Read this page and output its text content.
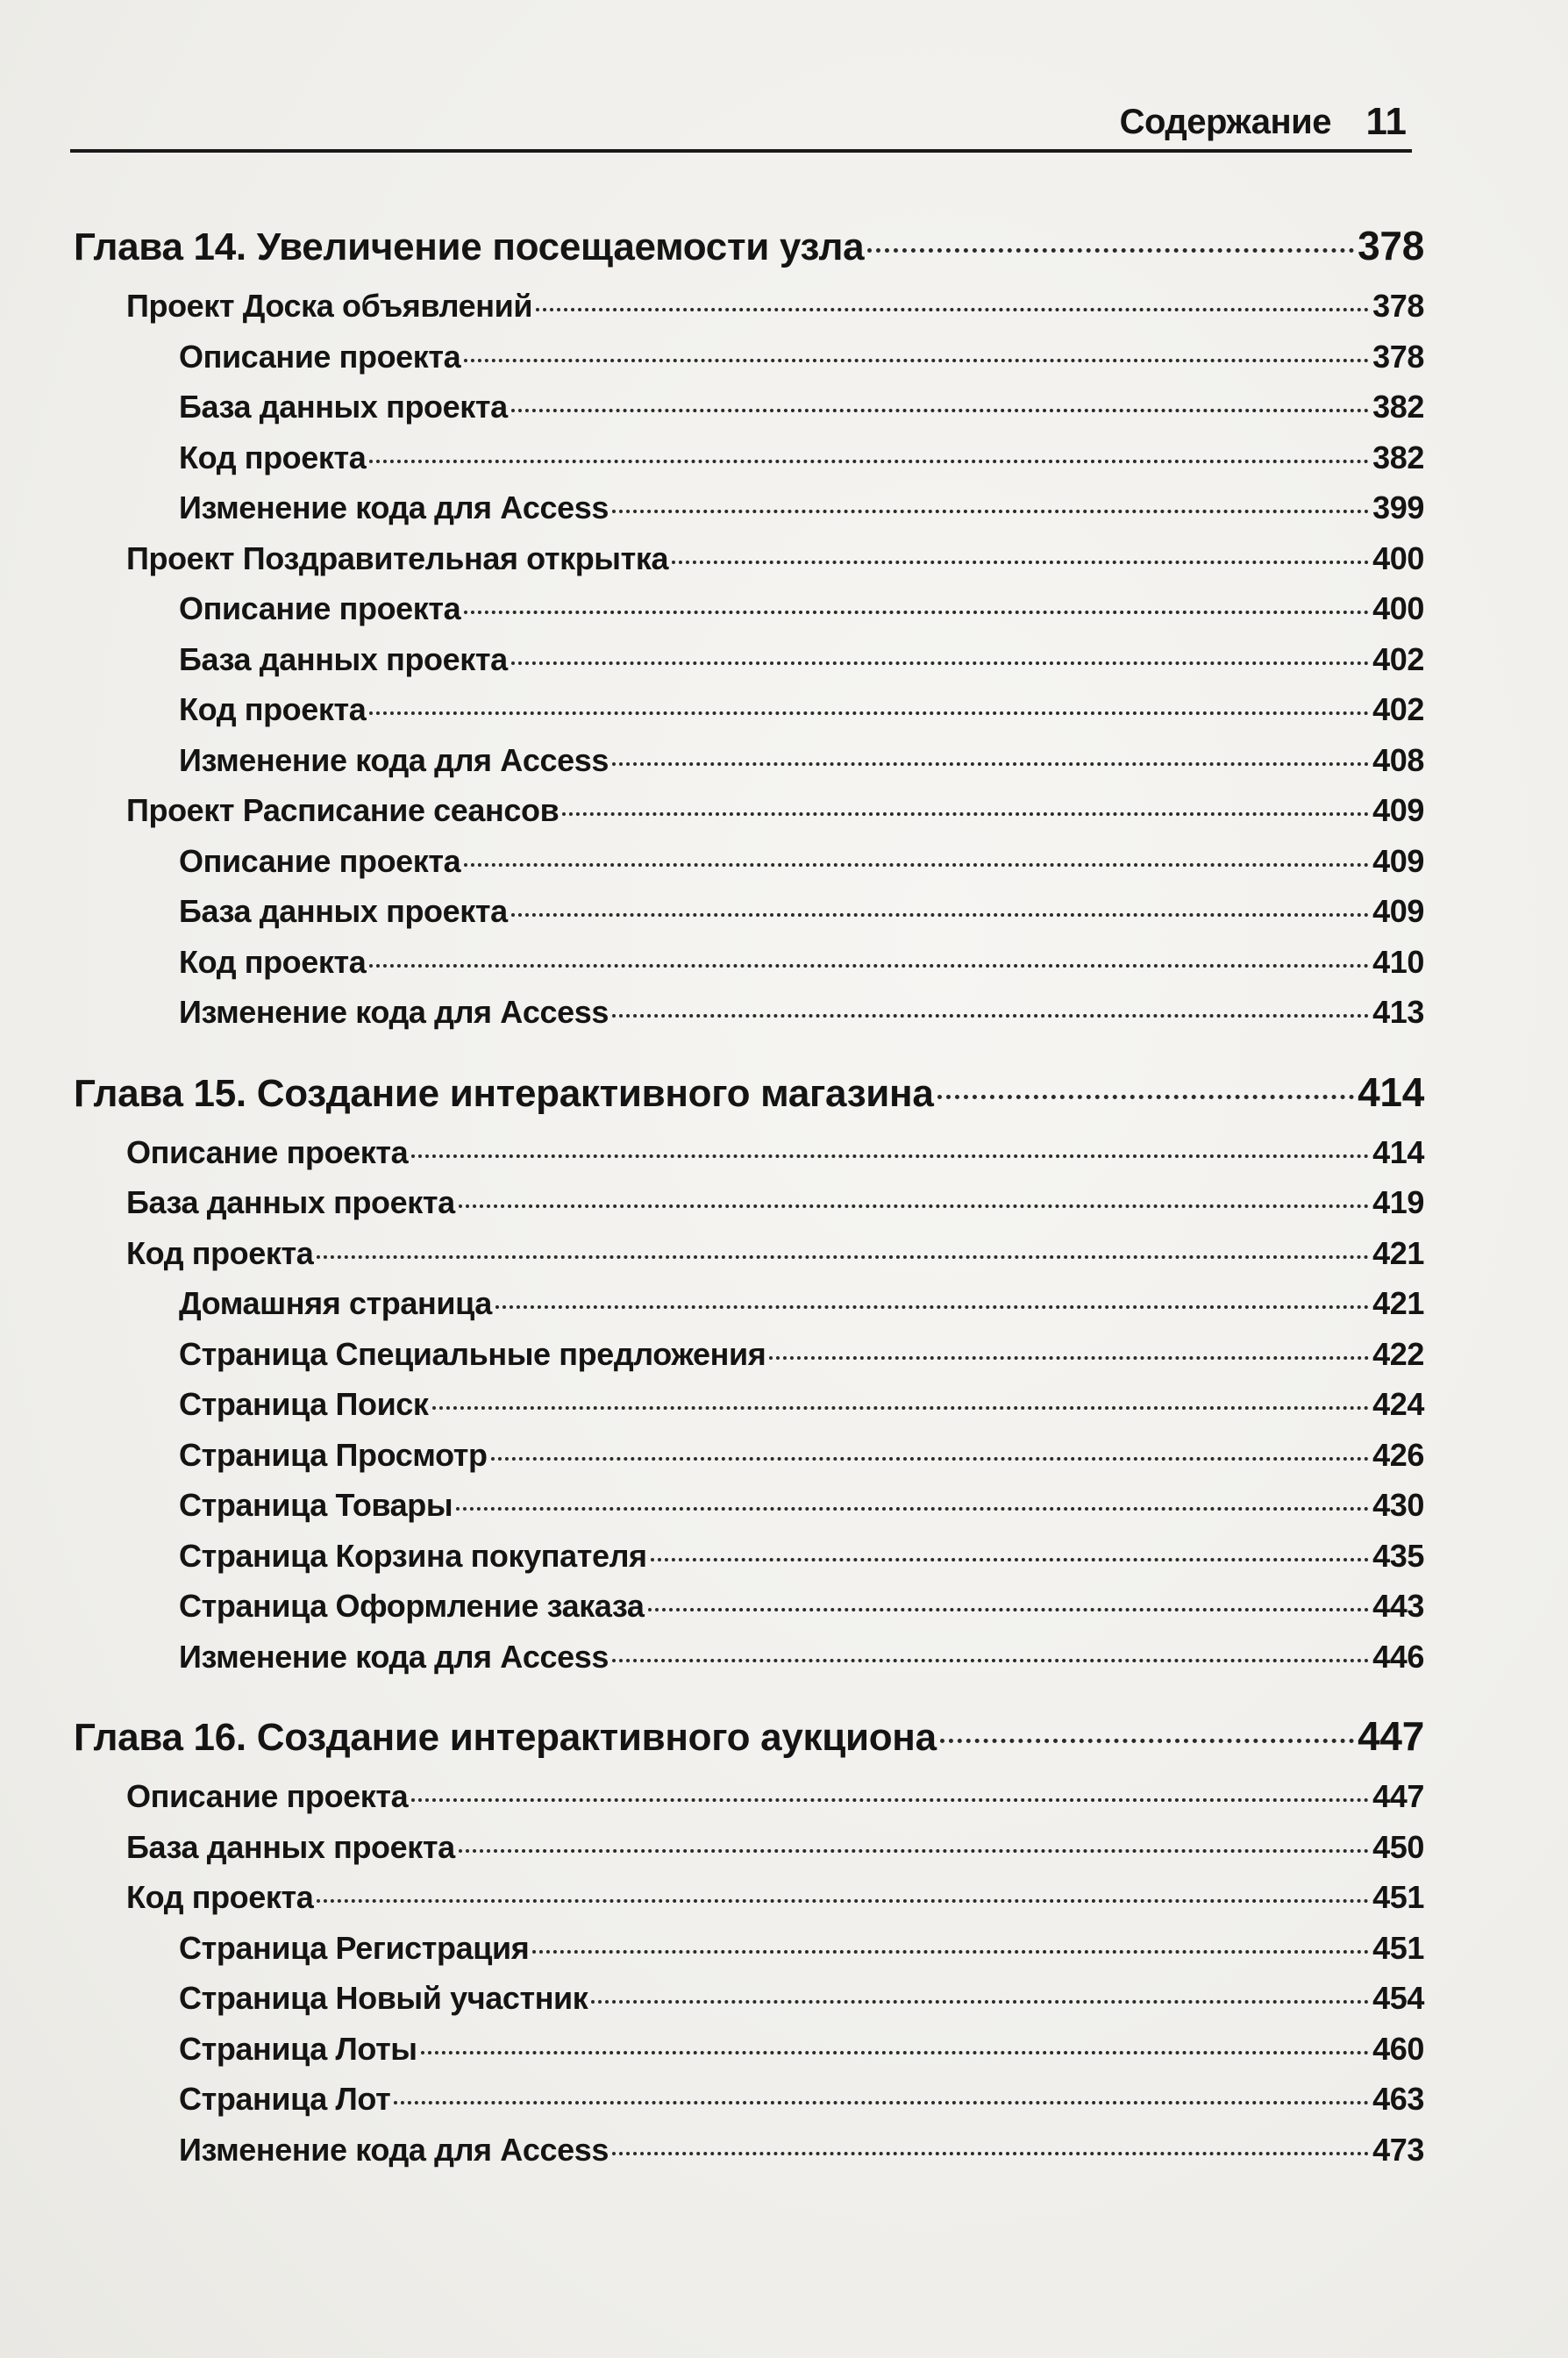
Содержание 11
Глава 14. Увеличение посещаемости узла	378
Проект Доска объявлений	378
Описание проекта	378
База данных проекта	382
Код проекта	382
Изменение кода для Access	399
Проект Поздравительная открытка	400
Описание проекта	400
База данных проекта	402
Код проекта	402
Изменение кода для Access	408
Проект Расписание сеансов	409
Описание проекта	409
База данных проекта	409
Код проекта	410
Изменение кода для Access	413
Глава 15. Создание интерактивного магазина	414
Описание проекта	414
База данных проекта	419
Код проекта	421
Домашняя страница	421
Страница Специальные предложения	422
Страница Поиск	424
Страница Просмотр	426
Страница Товары	430
Страница Корзина покупателя	435
Страница Оформление заказа	443
Изменение кода для Access	446
Глава 16. Создание интерактивного аукциона	447
Описание проекта	447
База данных проекта	450
Код проекта	451
Страница Регистрация	451
Страница Новый участник	454
Страница Лоты	460
Страница Лот	463
Изменение кода для Access	473
